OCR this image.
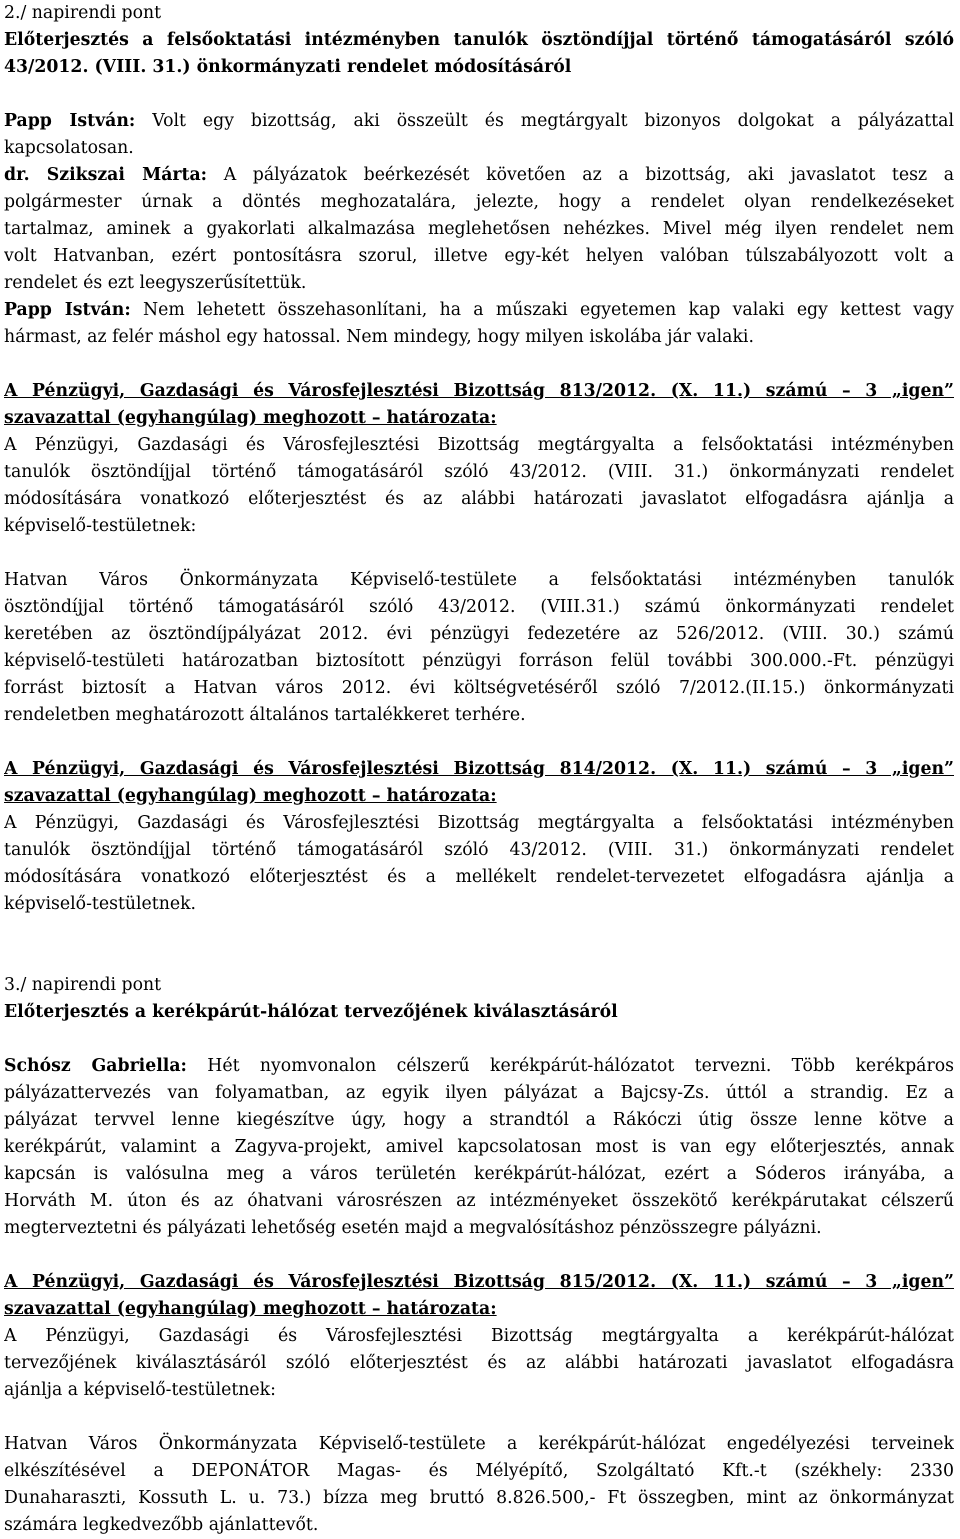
2./ napirendi pont
Előterjesztés a felsőoktatási intézményben tanulók ösztöndíjjal történő támogatásáról szóló
43/2012. (VIII. 31.) önkormányzati rendelet módosításáról
Papp István: Volt egy bizottság, aki összeült és megtárgyalt bizonyos dolgokat a pályázattal
kapcsolatosan.
dr. Szikszai Márta: A pályázatok beérkezését követően az a bizottság, aki javaslatot tesz a
polgármester úrnak a döntés meghozatalára, jelezte, hogy a rendelet olyan rendelkezéseket
tartalmaz, aminek a gyakorlati alkalmazása meglehetősen nehézkes. Mivel még ilyen rendelet nem
volt Hatvanban, ezért pontosításra szorul, illetve egy-két helyen valóban túlszabályozott volt a
rendelet és ezt leegyszerűsítettük.
Papp István: Nem lehetett összehasonlítani, ha a műszaki egyetemen kap valaki egy kettest vagy
hármast, az felér máshol egy hatossal. Nem mindegy, hogy milyen iskolába jár valaki.
A Pénzügyi, Gazdasági és Városfejlesztési Bizottság 813/2012. (X. 11.) számú – 3 „igen”
szavazattal (egyhangúlag) meghozott – határozata:
A Pénzügyi, Gazdasági és Városfejlesztési Bizottság megtárgyalta a felsőoktatási intézményben
tanulók ösztöndíjjal történő támogatásáról szóló 43/2012. (VIII. 31.) önkormányzati rendelet
módosítására vonatkozó előterjesztést és az alábbi határozati javaslatot elfogadásra ajánlja a
képviselő-testületnek:
Hatvan Város Önkormányzata Képviselő-testülete a felsőoktatási intézményben tanulók
ösztöndíjjal történő támogatásáról szóló 43/2012. (VIII.31.) számú önkormányzati rendelet
keretében az ösztöndíjpályázat 2012. évi pénzügyi fedezetére az 526/2012. (VIII. 30.) számú
képviselő-testületi határozatban biztosított pénzügyi forráson felül további 300.000.-Ft. pénzügyi
forrást biztosít a Hatvan város 2012. évi költségvetéséről szóló 7/2012.(II.15.) önkormányzati
rendeletben meghatározott általános tartalékkeret terhére.
A Pénzügyi, Gazdasági és Városfejlesztési Bizottság 814/2012. (X. 11.) számú – 3 „igen”
szavazattal (egyhangúlag) meghozott – határozata:
A Pénzügyi, Gazdasági és Városfejlesztési Bizottság megtárgyalta a felsőoktatási intézményben
tanulók ösztöndíjjal történő támogatásáról szóló 43/2012. (VIII. 31.) önkormányzati rendelet
módosítására vonatkozó előterjesztést és a mellékelt rendelet-tervezetet elfogadásra ajánlja a
képviselő-testületnek.
3./ napirendi pont
Előterjesztés a kerékpárút-hálózat tervezőjének kiválasztásáról
Schósz Gabriella: Hét nyomvonalon célszerű kerékpárút-hálózatot tervezni. Több kerékpáros
pályázattervezés van folyamatban, az egyik ilyen pályázat a Bajcsy-Zs. úttól a strandig. Ez a
pályázat tervvel lenne kiegészítve úgy, hogy a strandtól a Rákóczi útig össze lenne kötve a
kerékpárút, valamint a Zagyva-projekt, amivel kapcsolatosan most is van egy előterjesztés, annak
kapcsán is valósulna meg a város területén kerékpárút-hálózat, ezért a Sóderos irányába, a
Horváth M. úton és az óhatvani városrészen az intézményeket összekötő kerékpárutakat célszerű
megterveztetni és pályázati lehetőség esetén majd a megvalósításhoz pénzösszegre pályázni.
A Pénzügyi, Gazdasági és Városfejlesztési Bizottság 815/2012. (X. 11.) számú – 3 „igen”
szavazattal (egyhangúlag) meghozott – határozata:
A Pénzügyi, Gazdasági és Városfejlesztési Bizottság megtárgyalta a kerékpárút-hálózat
tervezőjének kiválasztásáról szóló előterjesztést és az alábbi határozati javaslatot elfogadásra
ajánlja a képviselő-testületnek:
Hatvan Város Önkormányzata Képviselő-testülete a kerékpárút-hálózat engedélyezési terveinek
elkészítésével a DEPONÁTOR Magas- és Mélyépítő, Szolgáltató Kft.-t (székhely: 2330
Dunaharaszti, Kossuth L. u. 73.) bízza meg bruttó 8.826.500,- Ft összegben, mint az önkormányzat
számára legkedvezőbb ajánlattevőt.
